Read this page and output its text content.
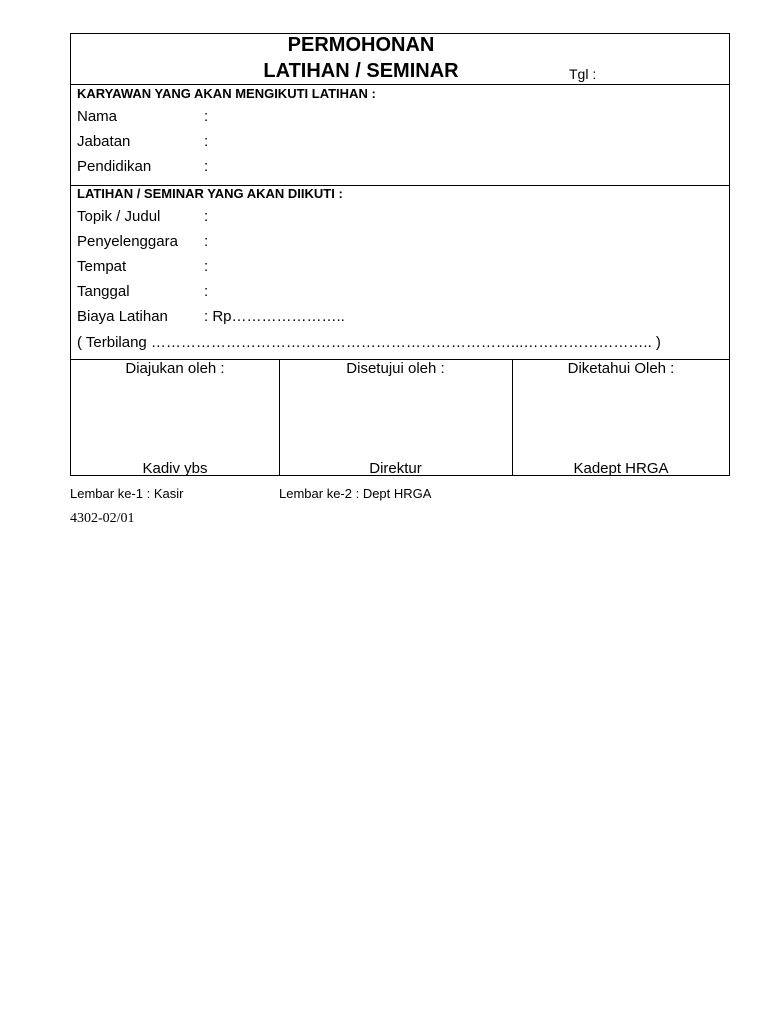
PERMOHONAN
LATIHAN / SEMINAR	Tgl :
KARYAWAN YANG AKAN MENGIKUTI LATIHAN :
Nama	:
Jabatan	:
Pendidikan	:
LATIHAN / SEMINAR YANG AKAN DIIKUTI :
Topik / Judul	:
Penyelenggara :
Tempat	:
Tanggal	:
Biaya Latihan : Rp…………………..
( Terbilang ………………………………………………………………...…………………….. )
Diajukan oleh :	Disetujui oleh :	Diketahui Oleh :
Kadiv ybs	Direktur	Kadept HRGA
Lembar ke-1 : Kasir	Lembar ke-2 : Dept HRGA
4302-02/01
